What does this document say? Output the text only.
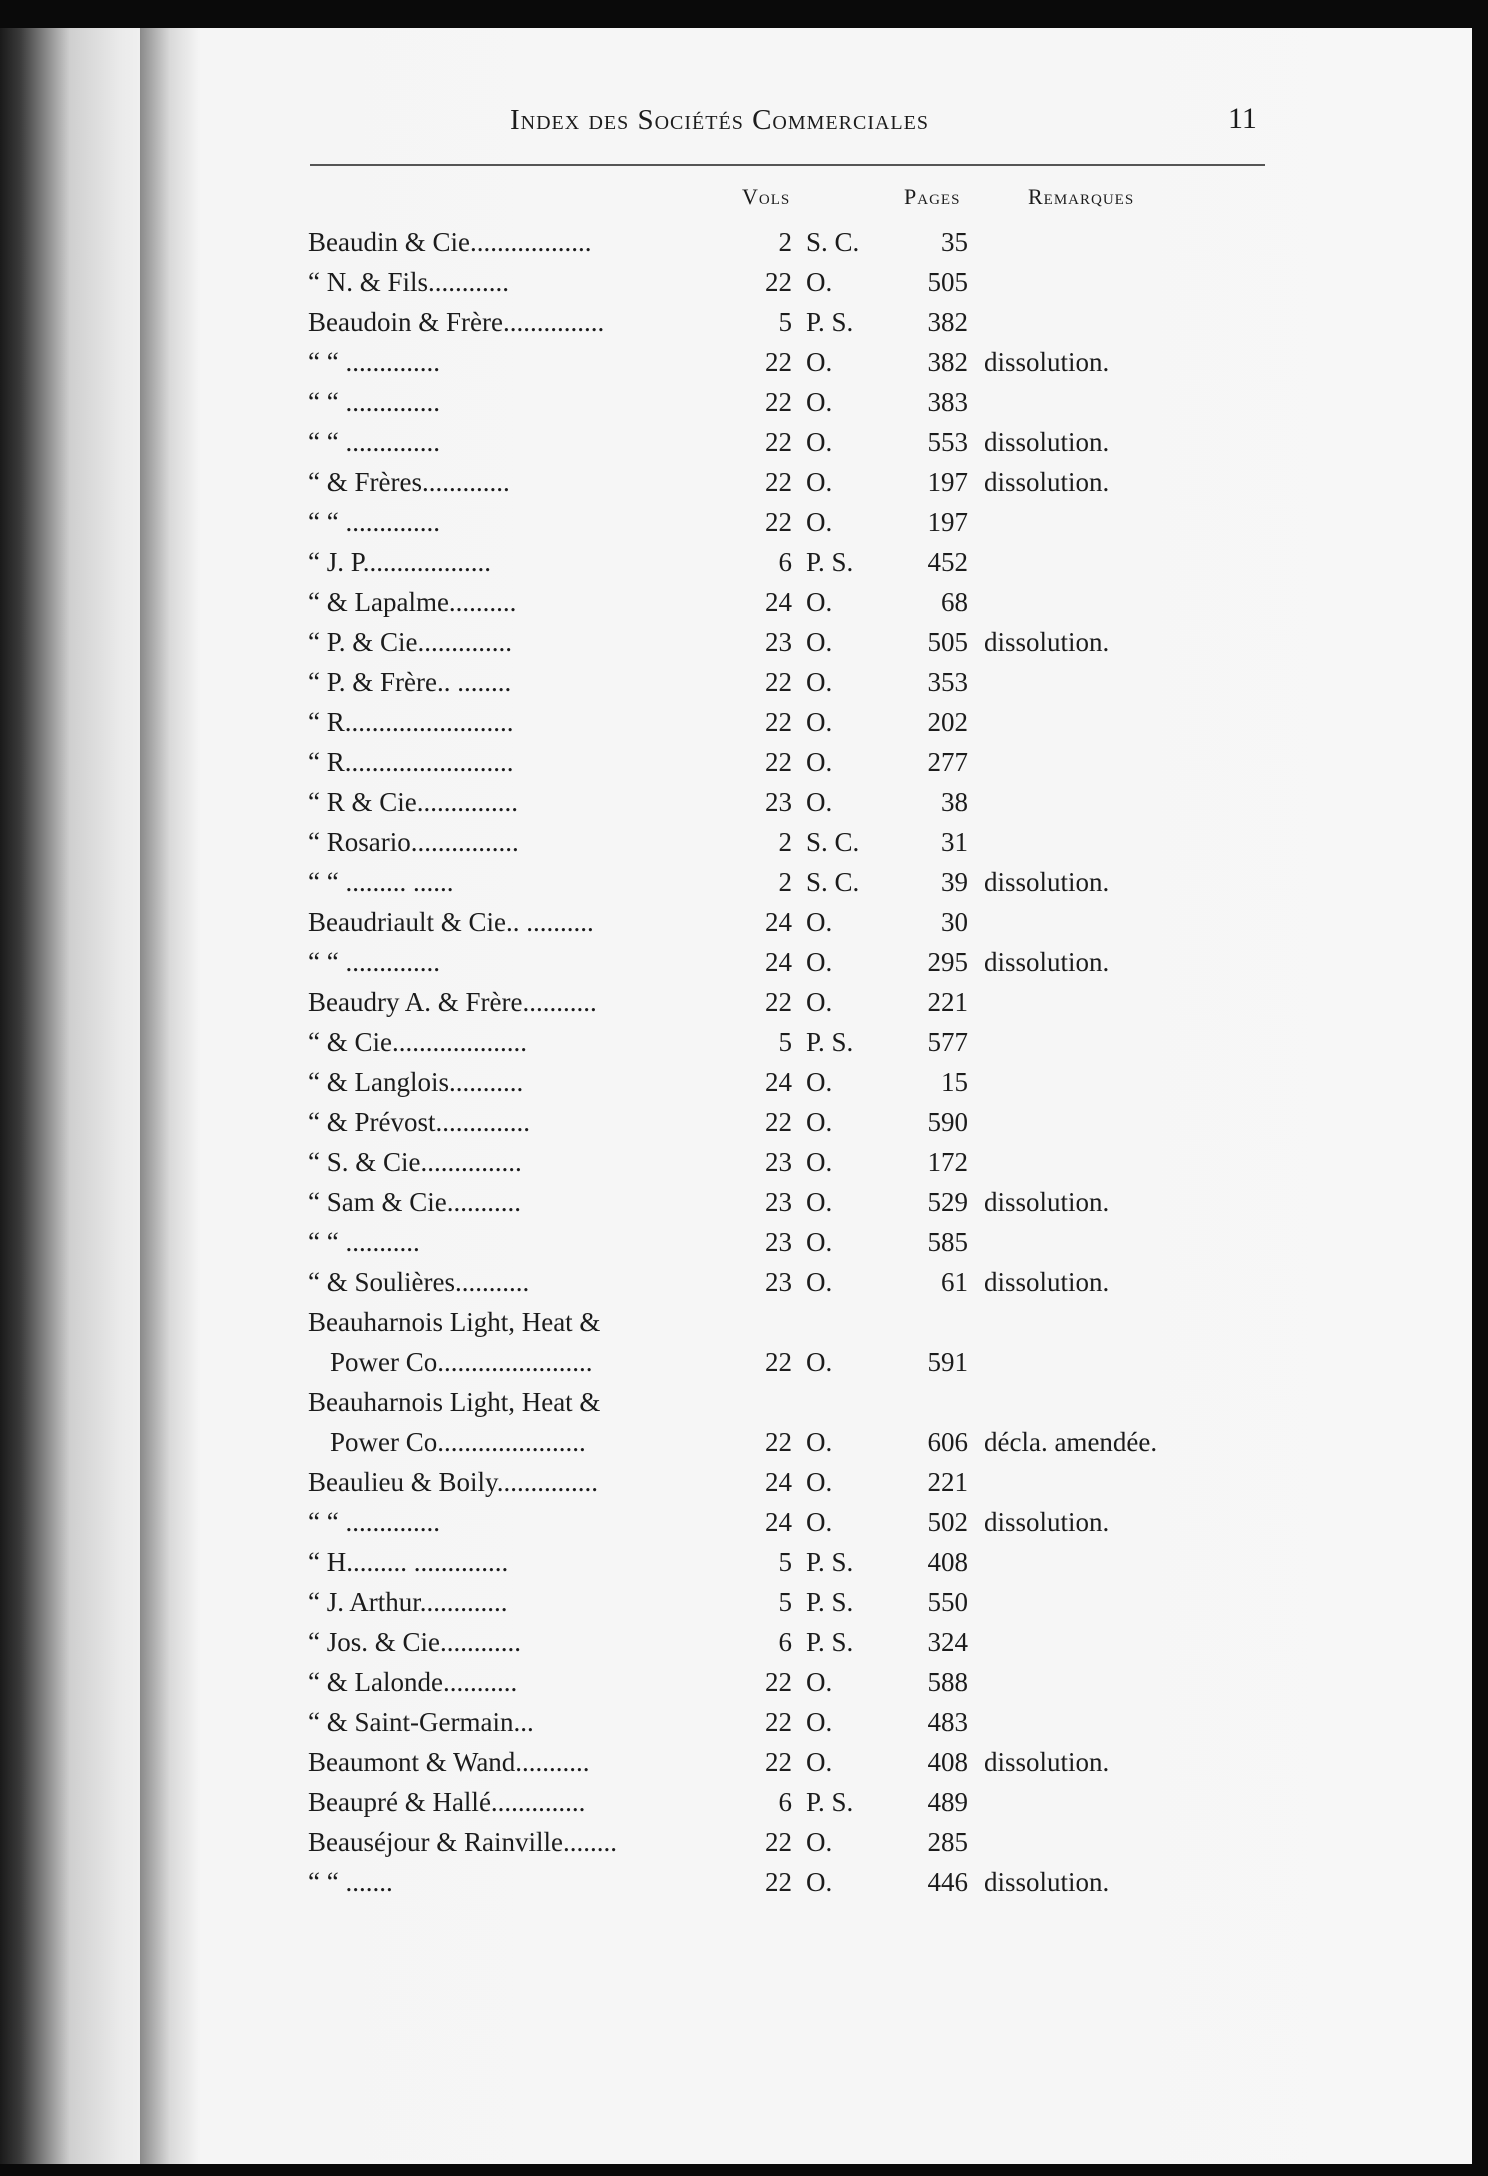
Index des Sociétés Commerciales	11
Vols	Pages	Remarques
Beaudin & Cie..................	2 S. C.	35
“ N. & Fils............	22 O.	505
Beaudoin & Frère...............	5 P. S.	382
“ “ ..............	22 O.	382 dissolution.
“ “ ..............	22 O.	383
“ “ ..............	22 O.	553 dissolution.
“ & Frères.............	22 O.	197 dissolution.
“ “ ..............	22 O.	197
“ J. P...................	6 P. S.	452
“ & Lapalme..........	24 O.	68
“ P. & Cie..............	23 O.	505 dissolution.
“ P. & Frère.. ........	22 O.	353
“ R.........................	22 O.	202
“ R.........................	22 O.	277
“ R & Cie...............	23 O.	38
“ Rosario................	2 S. C.	31
“ “ ......... ......	2 S. C.	39 dissolution.
Beaudriault & Cie.. ..........	24 O.	30
“ “ ..............	24 O.	295 dissolution.
Beaudry A. & Frère...........	22 O.	221
“ & Cie....................	5 P. S.	577
“ & Langlois...........	24 O.	15
“ & Prévost..............	22 O.	590
“ S. & Cie...............	23 O.	172
“ Sam & Cie...........	23 O.	529 dissolution.
“ “ ...........	23 O.	585
“ & Soulières...........	23 O.	61 dissolution.
Beauharnois Light, Heat &
Power Co.......................	22 O.	591
Beauharnois Light, Heat &
Power Co......................	22 O.	606 décla. amendée.
Beaulieu & Boily...............	24 O.	221
“ “ ..............	24 O.	502 dissolution.
“ H......... ..............	5 P. S.	408
“ J. Arthur.............	5 P. S.	550
“ Jos. & Cie............	6 P. S.	324
“ & Lalonde...........	22 O.	588
“ & Saint-Germain...	22 O.	483
Beaumont & Wand...........	22 O.	408 dissolution.
Beaupré & Hallé..............	6 P. S.	489
Beauséjour & Rainville........	22 O.	285
“ “ .......	22 O.	446 dissolution.
